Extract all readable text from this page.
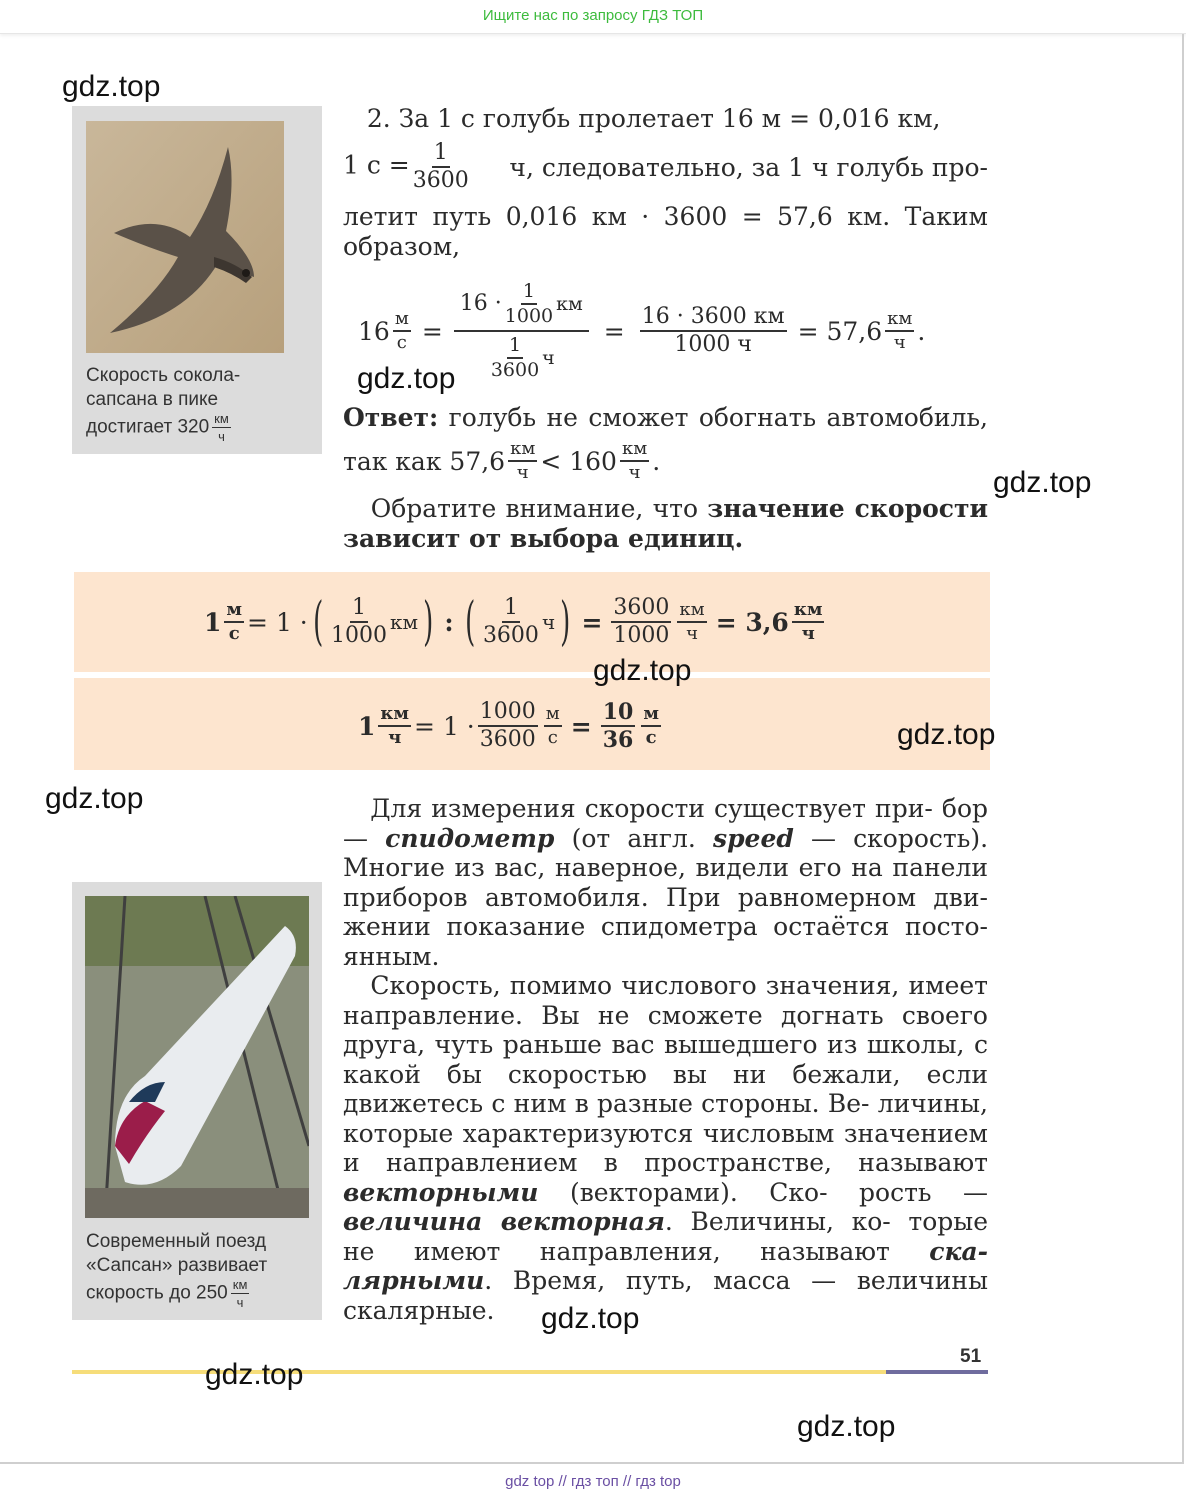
Ищите нас по запросу ГДЗ ТОП
Скорость сокола-
сапсана в пике
достигает $320 \frac{км}{ч}$
2. За 1 с голубь пролетает 16 м = 0,016 км,
1 $с = \frac{1}{3600} ч$, следовательно, за 1 ч голубь про-
летит путь 0,016 км · 3600 = 57,6 км. Таким
образом,
$16 \frac{м}{с} = \frac{16 \cdot \frac{1}{1000} км}{\frac{1}{3600} ч} = \frac{16 \cdot 3600 км}{1000 ч} = 57,6 \frac{км}{ч}$ .
Ответ: голубь не сможет обогнать автомобиль,
так как $57,6 \frac{км}{ч} < 160 \frac{км}{ч}$ .
Обратите внимание, что значение скорости зависит от выбора единиц.
$1 \frac{м}{с} = 1$ · ( $\frac{1}{1000}$ км ) : ( $\frac{1}{3600}$ ч ) = $\frac{3600}{1000} \frac{км}{ч} = 3,6 \frac{км}{ч}$
$1 \frac{км}{ч} = 1 \cdot \frac{1000}{3600} \frac{м}{с} = \frac{10}{36} \frac{м}{с}$
Современный поезд
«Сапсан» развивает
скорость до $250 \frac{км}{ч}$
Для измерения скорости существует при- бор — спидометр (от англ. speed — скорость). Многие из вас, наверное, видели его на панели приборов автомобиля. При равномерном дви- жении показание спидометра остаётся посто- янным.
Скорость, помимо числового значения, имеет направление. Вы не сможете догнать своего друга, чуть раньше вас вышедшего из школы, с какой бы скоростью вы ни бежали, если движетесь с ним в разные стороны. Ве- личины, которые характеризуются числовым значением и направлением в пространстве, называют векторными (векторами). Ско- рость — величина векторная. Величины, ко- торые не имеют направления, называют ска- лярными. Время, путь, масса — величины скалярные.
51
gdz.top
gdz.top
gdz.top
gdz.top
gdz.top
gdz.top
gdz.top
gdz.top
gdz.top
gdz top // гдз топ // гдз top
